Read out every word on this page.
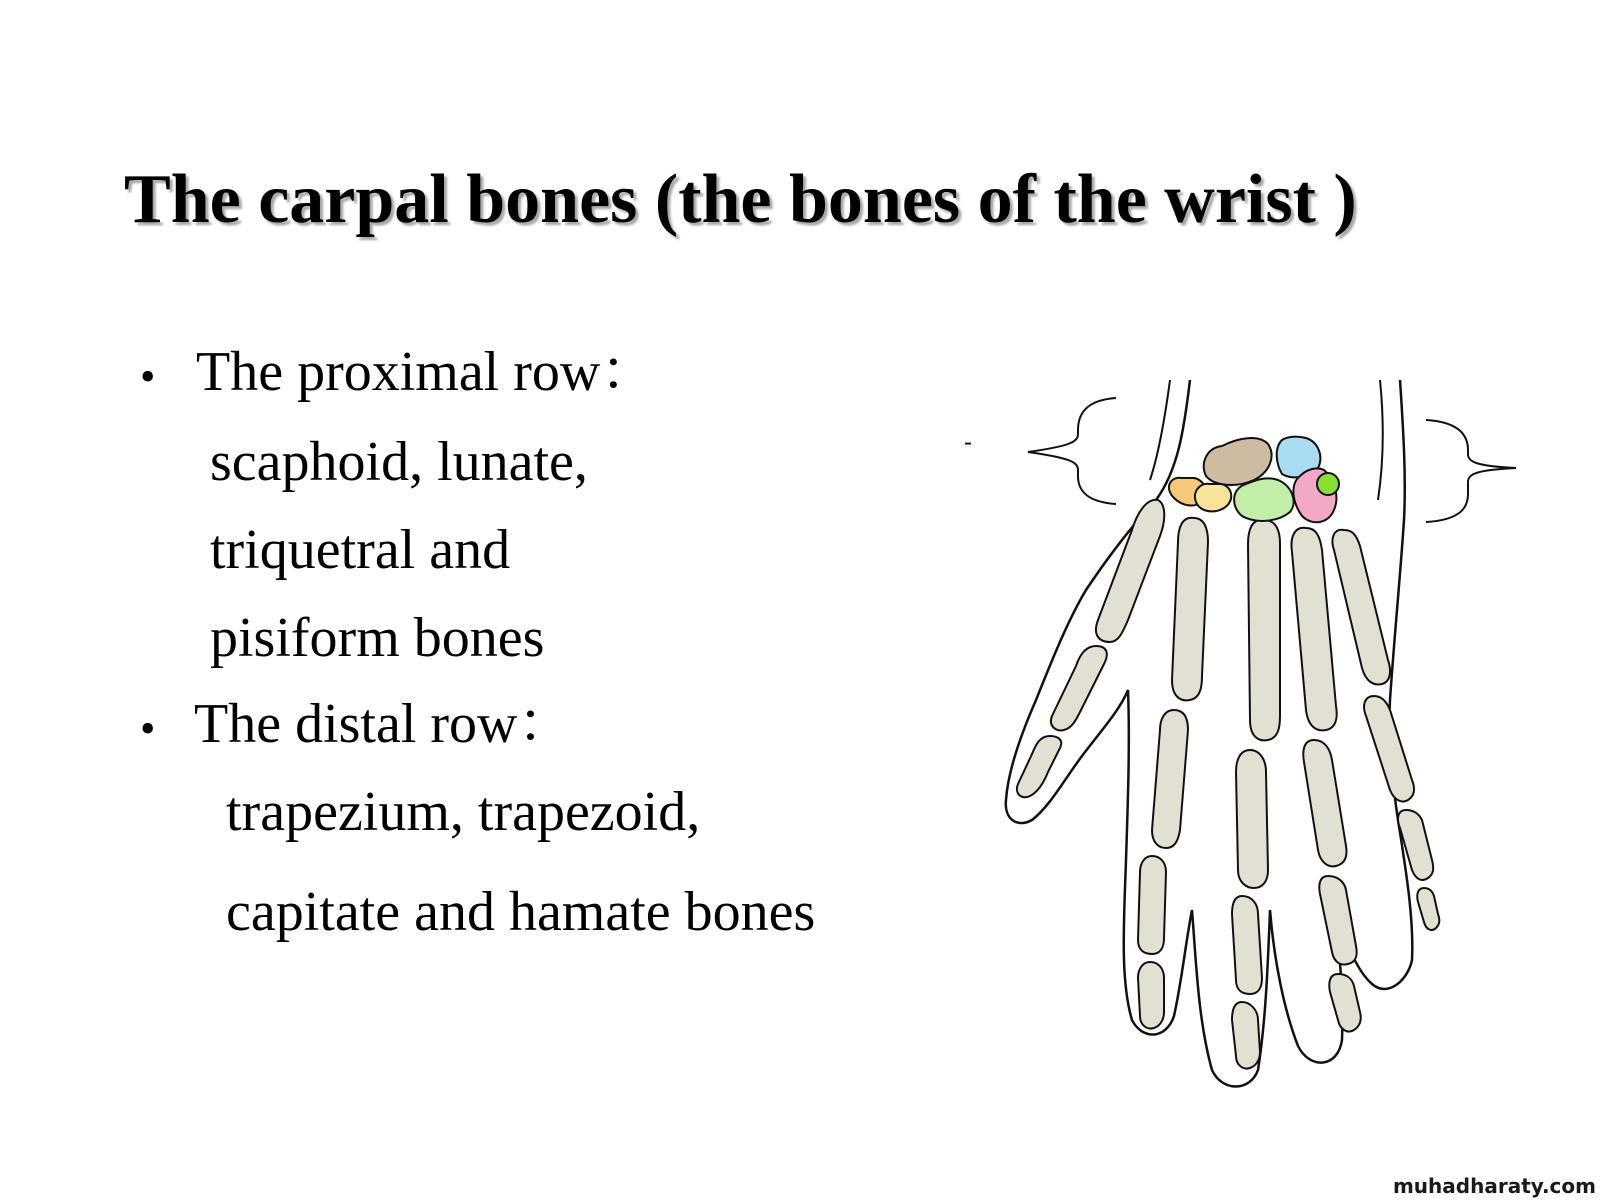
The carpal bones (the bones of the wrist )
• The proximal row：
scaphoid, lunate,
triquetral and
pisiform bones
• The distal row：
trapezium, trapezoid,
capitate and hamate bones
-
muhadharaty.com
